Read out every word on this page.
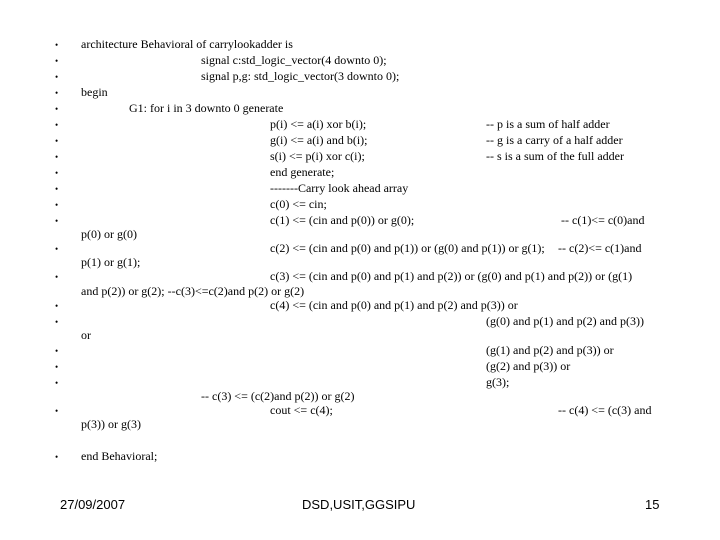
•
•
•
•
•
•
•
•
•
•
•
•
•
•
•
•
•
•
•
•
•
architecture Behavioral of carrylookadder is
signal c:std_logic_vector(4 downto 0);
signal p,g: std_logic_vector(3 downto 0);
begin
G1: for i in 3 downto 0 generate
p(i) <= a(i) xor b(i);	-- p is a sum of half adder
g(i) <= a(i) and b(i);	-- g is a carry of a half adder
s(i) <= p(i) xor c(i);	-- s is a sum of the full adder
end generate;
-------Carry look ahead array
c(0) <= cin;
c(1) <= (cin and p(0)) or g(0);	-- c(1)<= c(0)and
p(0) or g(0)
c(2) <= (cin and p(0) and p(1)) or (g(0) and p(1)) or g(1); -- c(2)<= c(1)and
p(1) or g(1);
c(3) <= (cin and p(0) and p(1) and p(2)) or (g(0) and p(1) and p(2)) or (g(1)
and p(2)) or g(2); --c(3)<=c(2)and p(2) or g(2)
c(4) <= (cin and p(0) and p(1) and p(2) and p(3)) or
(g(0) and p(1) and p(2) and p(3))
or
(g(1) and p(2) and p(3)) or
(g(2) and p(3)) or
g(3);
-- c(3) <= (c(2)and p(2)) or g(2)
cout <= c(4);	-- c(4) <= (c(3) and
p(3)) or g(3)
end Behavioral;
27/09/2007	DSD,USIT,GGSIPU	15
